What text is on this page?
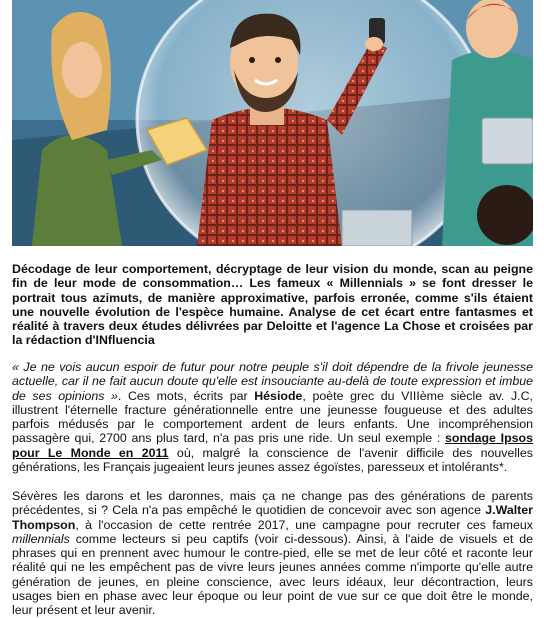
Décodage de leur comportement, décryptage de leur vision du monde, scan au peigne fin de leur mode de consommation… Les fameux « Millennials » se font dresser le portrait tous azimuts, de manière approximative, parfois erronée, comme s'ils étaient une nouvelle évolution de l'espèce humaine. Analyse de cet écart entre fantasmes et réalité à travers deux études délivrées par Deloitte et l'agence La Chose et croisées par la rédaction d'INfluencia

« Je ne vois aucun espoir de futur pour notre peuple s'il doit dépendre de la frivole jeunesse actuelle, car il ne fait aucun doute qu'elle est insouciante au-delà de toute expression et imbue de ses opinions ». Ces mots, écrits par Hésiode, poète grec du VIIIème siècle av. J.C, illustrent l'éternelle fracture générationnelle entre une jeunesse fougueuse et des adultes parfois médusés par le comportement ardent de leurs enfants. Une incompréhension passagère qui, 2700 ans plus tard, n'a pas pris une ride. Un seul exemple : sondage Ipsos pour Le Monde en 2011 où, malgré la conscience de l'avenir difficile des nouvelles générations, les Français jugeaient leurs jeunes assez égoïstes, paresseux et intolérants*.

Sévères les darons et les daronnes, mais ça ne change pas des générations de parents précédentes, si ? Cela n'a pas empêché le quotidien de concevoir avec son agence J.Walter Thompson, à l'occasion de cette rentrée 2017, une campagne pour recruter ces fameux millennials comme lecteurs si peu captifs (voir ci-dessous). Ainsi, à l'aide de visuels et de phrases qui en prennent avec humour le contre-pied, elle se met de leur côté et raconte leur réalité qui ne les empêchent pas de vivre leurs jeunes années comme n'importe qu'elle autre génération de jeunes, en pleine conscience, avec leurs idéaux, leur décontraction, leurs usages bien en phase avec leur époque ou leur point de vue sur ce que doit être le monde, leur présent et leur avenir.
